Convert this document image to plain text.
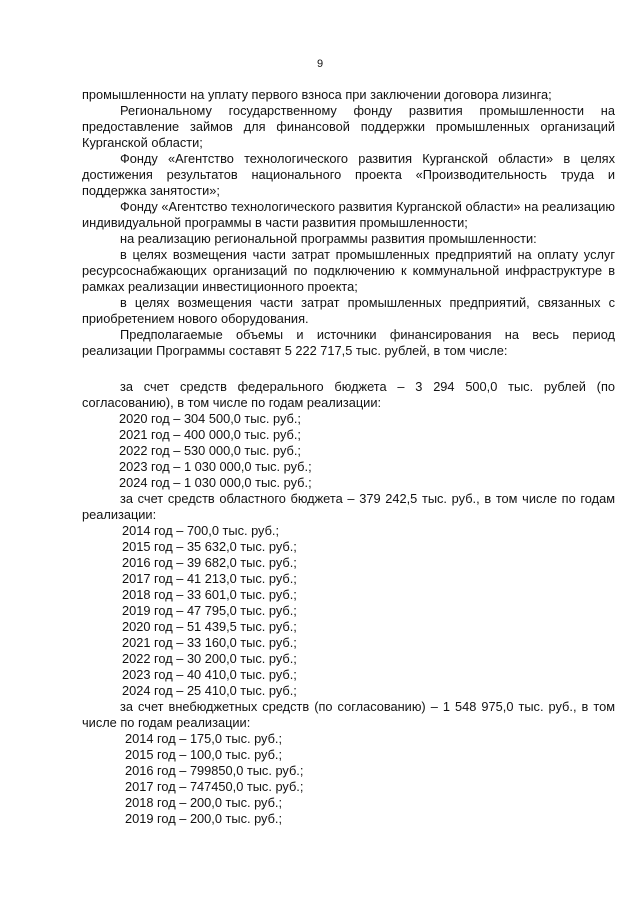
9

промышленности на уплату первого взноса при заключении договора лизинга;

Региональному государственному фонду развития промышленности на предоставление займов для финансовой поддержки промышленных организаций Курганской области;

Фонду «Агентство технологического развития Курганской области» в целях достижения результатов национального проекта «Производительность труда и поддержка занятости»;

Фонду «Агентство технологического развития Курганской области» на реализацию индивидуальной программы в части развития промышленности;

на реализацию региональной программы развития промышленности:

в целях возмещения части затрат промышленных предприятий на оплату услуг ресурсоснабжающих организаций по подключению к коммунальной инфраструктуре в рамках реализации инвестиционного проекта;

в целях возмещения части затрат промышленных предприятий, связанных с приобретением нового оборудования.

Предполагаемые объемы и источники финансирования на весь период реализации Программы составят 5 222 717,5 тыс. рублей, в том числе:

за счет средств федерального бюджета – 3 294 500,0 тыс. рублей (по согласованию), в том числе по годам реализации:

2020 год – 304 500,0 тыс. руб.;
2021 год – 400 000,0 тыс. руб.;
2022 год – 530 000,0 тыс. руб.;
2023 год – 1 030 000,0 тыс. руб.;
2024 год – 1 030 000,0 тыс. руб.;

за счет средств областного бюджета – 379 242,5 тыс. руб., в том числе по годам реализации:

2014 год – 700,0 тыс. руб.;
2015 год – 35 632,0 тыс. руб.;
2016 год – 39 682,0 тыс. руб.;
2017 год – 41 213,0 тыс. руб.;
2018 год – 33 601,0 тыс. руб.;
2019 год – 47 795,0 тыс. руб.;
2020 год – 51 439,5 тыс. руб.;
2021 год – 33 160,0 тыс. руб.;
2022 год – 30 200,0 тыс. руб.;
2023 год – 40 410,0 тыс. руб.;
2024 год – 25 410,0 тыс. руб.;

за счет внебюджетных средств (по согласованию) – 1 548 975,0 тыс. руб., в том числе по годам реализации:

2014 год – 175,0 тыс. руб.;
2015 год – 100,0 тыс. руб.;
2016 год – 799850,0 тыс. руб.;
2017 год – 747450,0 тыс. руб.;
2018 год – 200,0 тыс. руб.;
2019 год – 200,0 тыс. руб.;
